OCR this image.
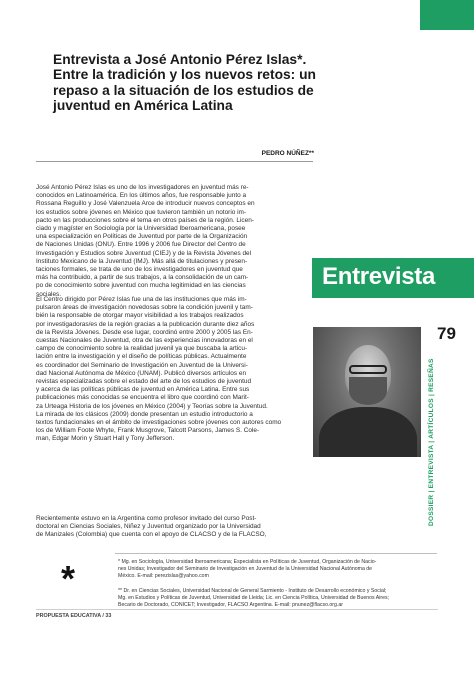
Entrevista a José Antonio Pérez Islas*.
Entre la tradición y los nuevos retos: un
repaso a la situación de los estudios de
juventud en América Latina
PEDRO NÚÑEZ**

José Antonio Pérez Islas es uno de los investigadores en juventud más re-
conocidos en Latinoamérica. En los últimos años, fue responsable junto a
Rossana Reguillo y José Valenzuela Arce de introducir nuevos conceptos en
los estudios sobre jóvenes en México que tuvieron también un notorio im-
pacto en las producciones sobre el tema en otros países de la región. Licen-
ciado y magíster en Sociología por la Universidad Iberoamericana, posee
una especialización en Políticas de Juventud por parte de la Organización
de Naciones Unidas (ONU). Entre 1996 y 2006 fue Director del Centro de
Investigación y Estudios sobre Juventud (CIEJ) y de la Revista Jóvenes del
Instituto Mexicano de la Juventud (IMJ). Más allá de titulaciones y presen-
taciones formales, se trata de uno de los investigadores en juventud que
más ha contribuido, a partir de sus trabajos, a la consolidación de un cam-
po de conocimiento sobre juventud con mucha legitimidad en las ciencias
sociales.

El Centro dirigido por Pérez Islas fue una de las instituciones que más im-
pulsaron áreas de investigación novedosas sobre la condición juvenil y tam-
bién la responsable de otorgar mayor visibilidad a los trabajos realizados
por investigadoras/es de la región gracias a la publicación durante diez años
de la Revista Jóvenes. Desde ese lugar, coordinó entre 2000 y 2005 las En-
cuestas Nacionales de Juventud, otra de las experiencias innovadoras en el
campo de conocimiento sobre la realidad juvenil ya que buscaba la articu-
lación entre la investigación y el diseño de políticas públicas. Actualmente
es coordinador del Seminario de Investigación en Juventud de la Universi-
dad Nacional Autónoma de México (UNAM). Publicó diversos artículos en
revistas especializadas sobre el estado del arte de los estudios de juventud
y acerca de las políticas públicas de juventud en América Latina. Entre sus
publicaciones más conocidas se encuentra el libro que coordinó con Marit-
za Urteaga Historia de los jóvenes en México (2004) y Teorías sobre la Juventud.
La mirada de los clásicos (2009) donde presentan un estudio introductorio a
textos fundacionales en el ámbito de investigaciones sobre jóvenes con autores como
los de William Foote Whyte, Frank Musgrove, Talcott Parsons, James S. Cole-
man, Edgar Morin y Stuart Hall y Tony Jefferson.

Recientemente estuvo en la Argentina como profesor invitado del curso Post-
doctoral en Ciencias Sociales, Niñez y Juventud organizado por la Universidad
de Manizales (Colombia) que cuenta con el apoyo de CLACSO y de la FLACSO,

Entrevista
79
DOSSIER | ENTREVISTA | ARTÍCULOS | RESEÑAS
*	* Mg. en Sociología, Universidad Iberoamericana; Especialista en Políticas de Juventud, Organización de Nacio-
nes Unidas; Investigador del Seminario de Investigación en Juventud de la Universidad Nacional Autónoma de
México. E-mail: perezislas@yahoo.com

** Dr. en Ciencias Sociales, Universidad Nacional de General Sarmiento - Instituto de Desarrollo económico y Social;
Mg. en Estudios y Políticas de Juventud, Universidad de Lleida; Lic. en Ciencia Política, Universidad de Buenos Aires;
Becario de Doctorado, CONICET; Investigador, FLACSO Argentina. E-mail: pnunez@flacso.org.ar

PROPUESTA EDUCATIVA / 33
